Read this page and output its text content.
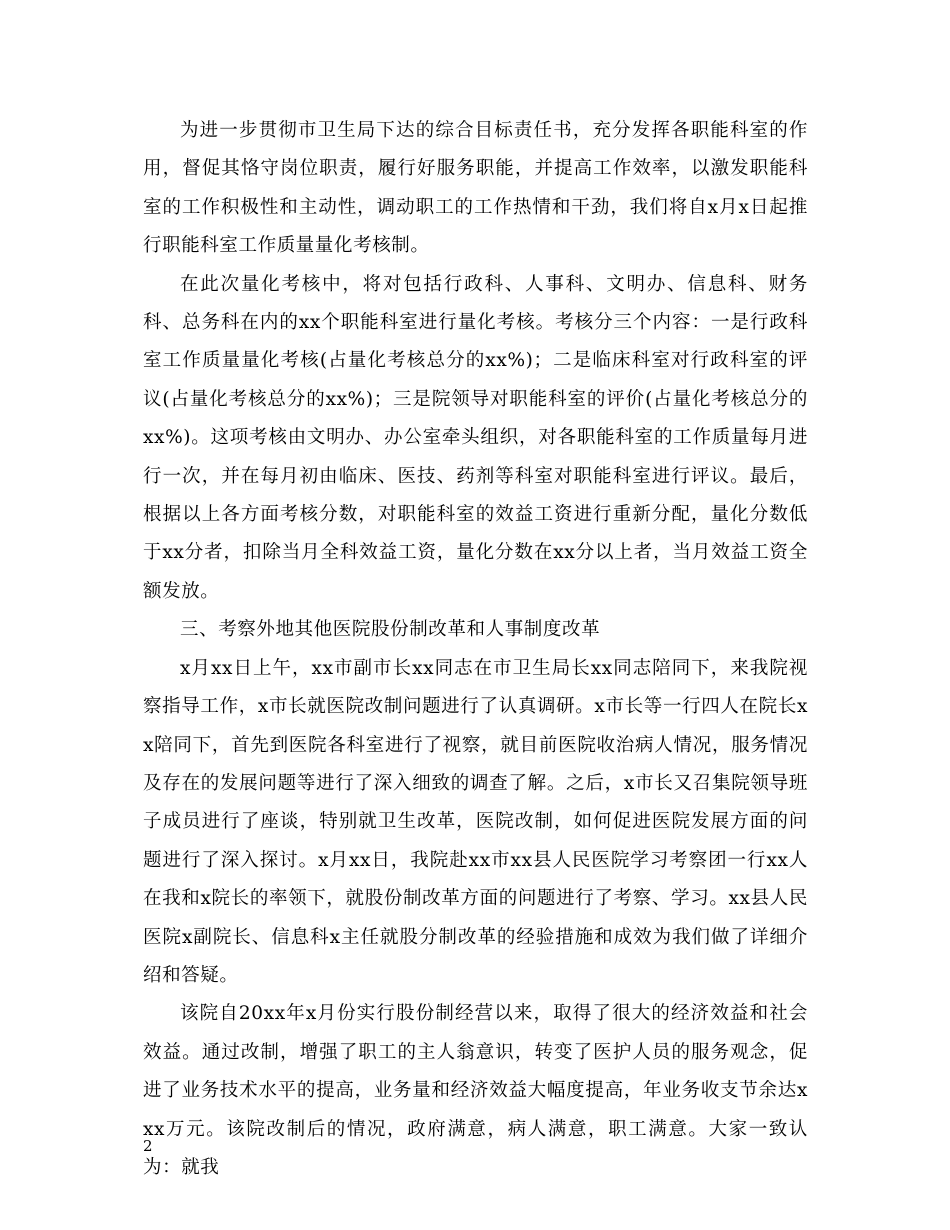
为进一步贯彻市卫生局下达的综合目标责任书，充分发挥各职能科室的作用，督促其恪守岗位职责，履行好服务职能，并提高工作效率，以激发职能科室的工作积极性和主动性，调动职工的工作热情和干劲，我们将自x月x日起推行职能科室工作质量量化考核制。

在此次量化考核中，将对包括行政科、人事科、文明办、信息科、财务科、总务科在内的xx个职能科室进行量化考核。考核分三个内容：一是行政科室工作质量量化考核(占量化考核总分的xx%)；二是临床科室对行政科室的评议(占量化考核总分的xx%)；三是院领导对职能科室的评价(占量化考核总分的xx%)。这项考核由文明办、办公室牵头组织，对各职能科室的工作质量每月进行一次，并在每月初由临床、医技、药剂等科室对职能科室进行评议。最后，根据以上各方面考核分数，对职能科室的效益工资进行重新分配，量化分数低于xx分者，扣除当月全科效益工资，量化分数在xx分以上者，当月效益工资全额发放。

三、考察外地其他医院股份制改革和人事制度改革

x月xx日上午，xx市副市长xx同志在市卫生局长xx同志陪同下，来我院视察指导工作，x市长就医院改制问题进行了认真调研。x市长等一行四人在院长xx陪同下，首先到医院各科室进行了视察，就目前医院收治病人情况，服务情况及存在的发展问题等进行了深入细致的调查了解。之后，x市长又召集院领导班子成员进行了座谈，特别就卫生改革，医院改制，如何促进医院发展方面的问题进行了深入探讨。x月xx日，我院赴xx市xx县人民医院学习考察团一行xx人在我和x院长的率领下，就股份制改革方面的问题进行了考察、学习。xx县人民医院x副院长、信息科x主任就股分制改革的经验措施和成效为我们做了详细介绍和答疑。

该院自20xx年x月份实行股份制经营以来，取得了很大的经济效益和社会效益。通过改制，增强了职工的主人翁意识，转变了医护人员的服务观念，促进了业务技术水平的提高，业务量和经济效益大幅度提高，年业务收支节余达xxx万元。该院改制后的情况，政府满意，病人满意，职工满意。大家一致认为：就我

2
